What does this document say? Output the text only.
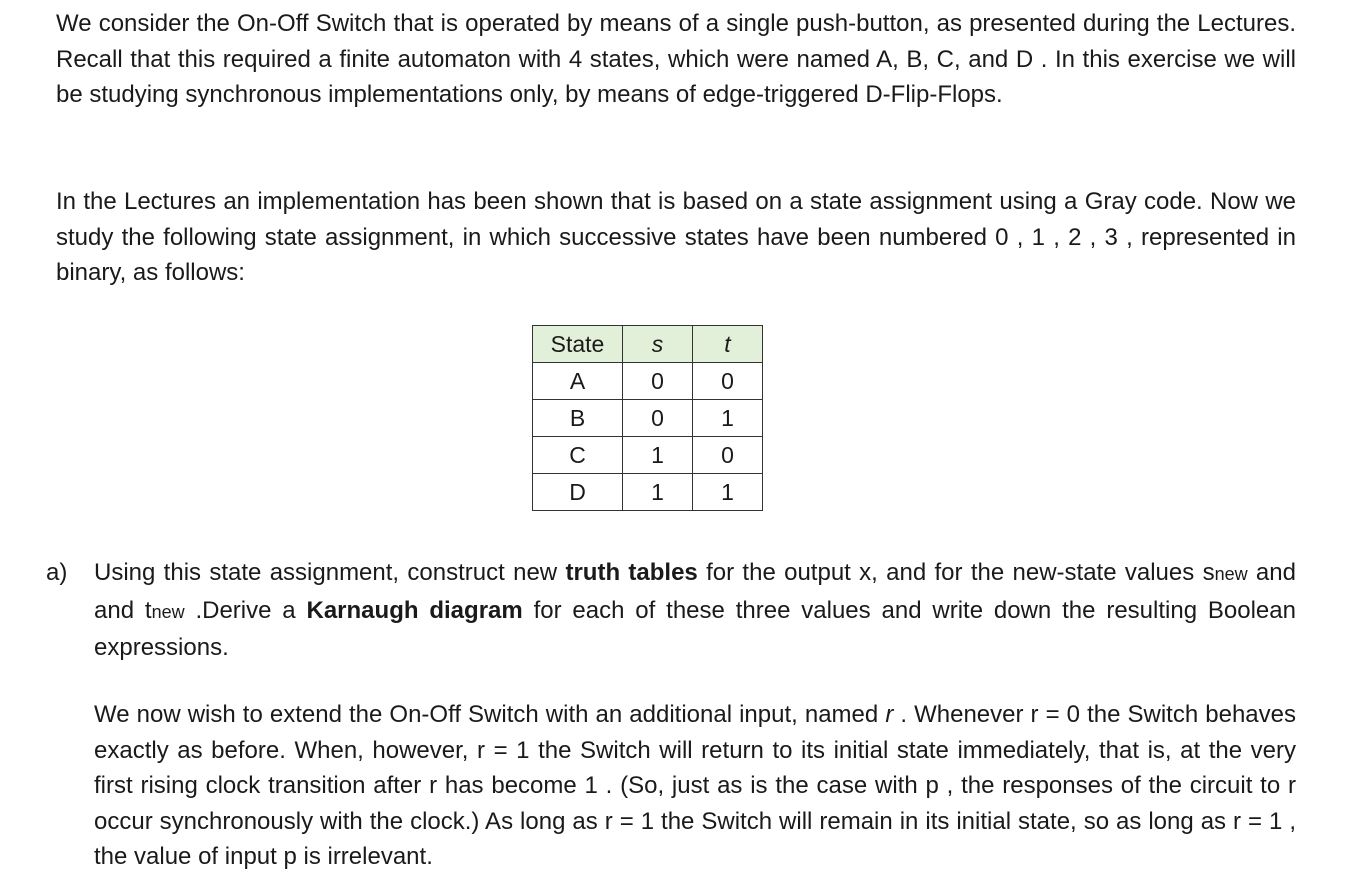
We consider the On-Off Switch that is operated by means of a single push-button, as presented during the Lectures. Recall that this required a finite automaton with 4 states, which were named A, B, C, and D . In this exercise we will be studying synchronous implementations only, by means of edge-triggered D-Flip-Flops.

In the Lectures an implementation has been shown that is based on a state assignment using a Gray code. Now we study the following state assignment, in which successive states have been numbered 0 , 1 , 2 , 3 , represented in binary, as follows:

State	s	t
A	0	0
B	0	1
C	1	0
D	1	1
a) Using this state assignment, construct new truth tables for the output x, and for the new-state values snew and and tnew .Derive a Karnaugh diagram for each of these three values and write down the resulting Boolean expressions.

We now wish to extend the On-Off Switch with an additional input, named r . Whenever r = 0 the Switch behaves exactly as before. When, however, r = 1 the Switch will return to its initial state immediately, that is, at the very first rising clock transition after r has become 1 . (So, just as is the case with p , the responses of the circuit to r occur synchronously with the clock.) As long as r = 1 the Switch will remain in its initial state, so as long as r = 1 , the value of input p is irrelevant.
